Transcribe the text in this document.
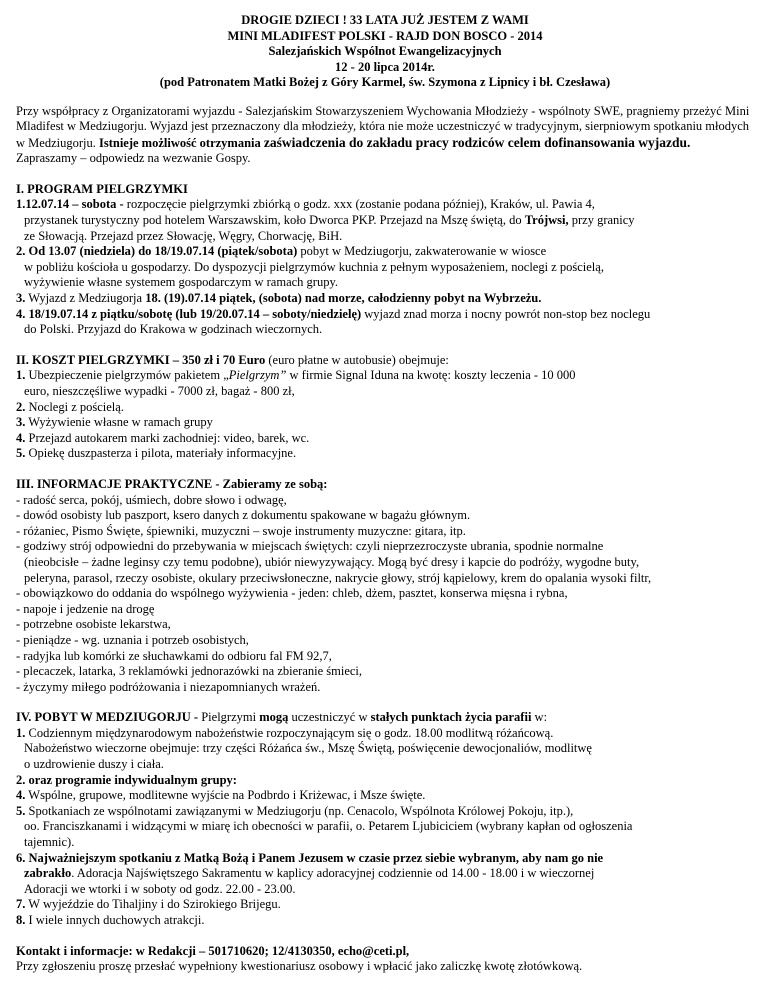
DROGIE DZIECI ! 33 LATA JUŻ JESTEM Z WAMI
MINI MLADIFEST POLSKI - RAJD DON BOSCO - 2014
Salezjańskich Wspólnot Ewangelizacyjnych
12 - 20 lipca 2014r.
(pod Patronatem Matki Bożej z Góry Karmel, św. Szymona z Lipnicy i bł. Czesława)

Przy współpracy z Organizatorami wyjazdu - Salezjańskim Stowarzyszeniem Wychowania Młodzieży - wspólnoty SWE, pragniemy przeżyć Mini Mladifest w Medziugorju. Wyjazd jest przeznaczony dla młodzieży, która nie może uczestniczyć w tradycyjnym, sierpniowym spotkaniu młodych w Medziugorju. Istnieje możliwość otrzymania zaświadczenia do zakładu pracy rodziców celem dofinansowania wyjazdu. Zapraszamy – odpowiedz na wezwanie Gospy.

I. PROGRAM PIELGRZYMKI

1.12.07.14 – sobota - rozpoczęcie pielgrzymki zbiórką o godz. xxx (zostanie podana później), Kraków, ul. Pawia 4,

przystanek turystyczny pod hotelem Warszawskim, koło Dworca PKP. Przejazd na Mszę świętą, do Trójwsi, przy granicy

ze Słowacją. Przejazd przez Słowację, Węgry, Chorwację, BiH.

2. Od 13.07 (niedziela) do 18/19.07.14 (piątek/sobota) pobyt w Medziugorju, zakwaterowanie w wiosce

w pobliżu kościoła u gospodarzy. Do dyspozycji pielgrzymów kuchnia z pełnym wyposażeniem, noclegi z pościelą,

wyżywienie własne systemem gospodarczym w ramach grupy.

3. Wyjazd z Medziugorja 18. (19).07.14 piątek, (sobota) nad morze, całodzienny pobyt na Wybrzeżu.

4. 18/19.07.14 z piątku/sobotę (lub 19/20.07.14 – soboty/niedzielę) wyjazd znad morza i nocny powrót non-stop bez noclegu

do Polski. Przyjazd do Krakowa w godzinach wieczornych.

II. KOSZT PIELGRZYMKI – 350 zł i 70 Euro (euro płatne w autobusie) obejmuje:

1. Ubezpieczenie pielgrzymów pakietem „Pielgrzym” w firmie Signal Iduna na kwotę: koszty leczenia - 10 000

euro, nieszczęśliwe wypadki - 7000 zł, bagaż - 800 zł,

2. Noclegi z pościelą.

3. Wyżywienie własne w ramach grupy

4. Przejazd autokarem marki zachodniej: video, barek, wc.

5. Opiekę duszpasterza i pilota, materiały informacyjne.

III. INFORMACJE PRAKTYCZNE - Zabieramy ze sobą:

- radość serca, pokój, uśmiech, dobre słowo i odwagę,

- dowód osobisty lub paszport, ksero danych z dokumentu spakowane w bagażu głównym.

- różaniec, Pismo Święte, śpiewniki, muzyczni – swoje instrumenty muzyczne: gitara, itp.

- godziwy strój odpowiedni do przebywania w miejscach świętych: czyli nieprzezroczyste ubrania, spodnie normalne

(nieobcisłe – żadne leginsy czy temu podobne), ubiór niewyzywający. Mogą być dresy i kapcie do podróży, wygodne buty,

peleryna, parasol, rzeczy osobiste, okulary przeciwsłoneczne, nakrycie głowy, strój kąpielowy, krem do opalania wysoki filtr,

- obowiązkowo do oddania do wspólnego wyżywienia - jeden: chleb, dżem, pasztet, konserwa mięsna i rybna,

- napoje i jedzenie na drogę

- potrzebne osobiste lekarstwa,

- pieniądze - wg. uznania i potrzeb osobistych,

- radyjka lub komórki ze słuchawkami do odbioru fal FM 92,7,

- plecaczek, latarka, 3 reklamówki jednorazówki na zbieranie śmieci,

- życzymy miłego podróżowania i niezapomnianych wrażeń.

IV. POBYT W MEDZIUGORJU - Pielgrzymi mogą uczestniczyć w stałych punktach życia parafii w:

1. Codziennym międzynarodowym nabożeństwie rozpoczynającym się o godz. 18.00 modlitwą różańcową.

Nabożeństwo wieczorne obejmuje: trzy części Różańca św., Mszę Świętą, poświęcenie dewocjonaliów, modlitwę

o uzdrowienie duszy i ciała.

2. oraz programie indywidualnym grupy:

4. Wspólne, grupowe, modlitewne wyjście na Podbrdo i Kriżewac, i Msze święte.

5. Spotkaniach ze wspólnotami zawiązanymi w Medziugorju (np. Cenacolo, Wspólnota Królowej Pokoju, itp.),

oo. Franciszkanami i widzącymi w miarę ich obecności w parafii, o. Petarem Ljubiciciem (wybrany kapłan od ogłoszenia

tajemnic).

6. Najważniejszym spotkaniu z Matką Bożą i Panem Jezusem w czasie przez siebie wybranym, aby nam go nie

zabrakło. Adoracja Najświętszego Sakramentu w kaplicy adoracyjnej codziennie od 14.00 - 18.00 i w wieczornej

Adoracji we wtorki i w soboty od godz. 22.00 - 23.00.

7. W wyjeździe do Tihaljiny i do Szirokiego Brijegu.

8. I wiele innych duchowych atrakcji.

Kontakt i informacje: w Redakcji – 501710620; 12/4130350, echo@ceti.pl,

Przy zgłoszeniu proszę przesłać wypełniony kwestionariusz osobowy i wpłacić jako zaliczkę kwotę złotówkową.
